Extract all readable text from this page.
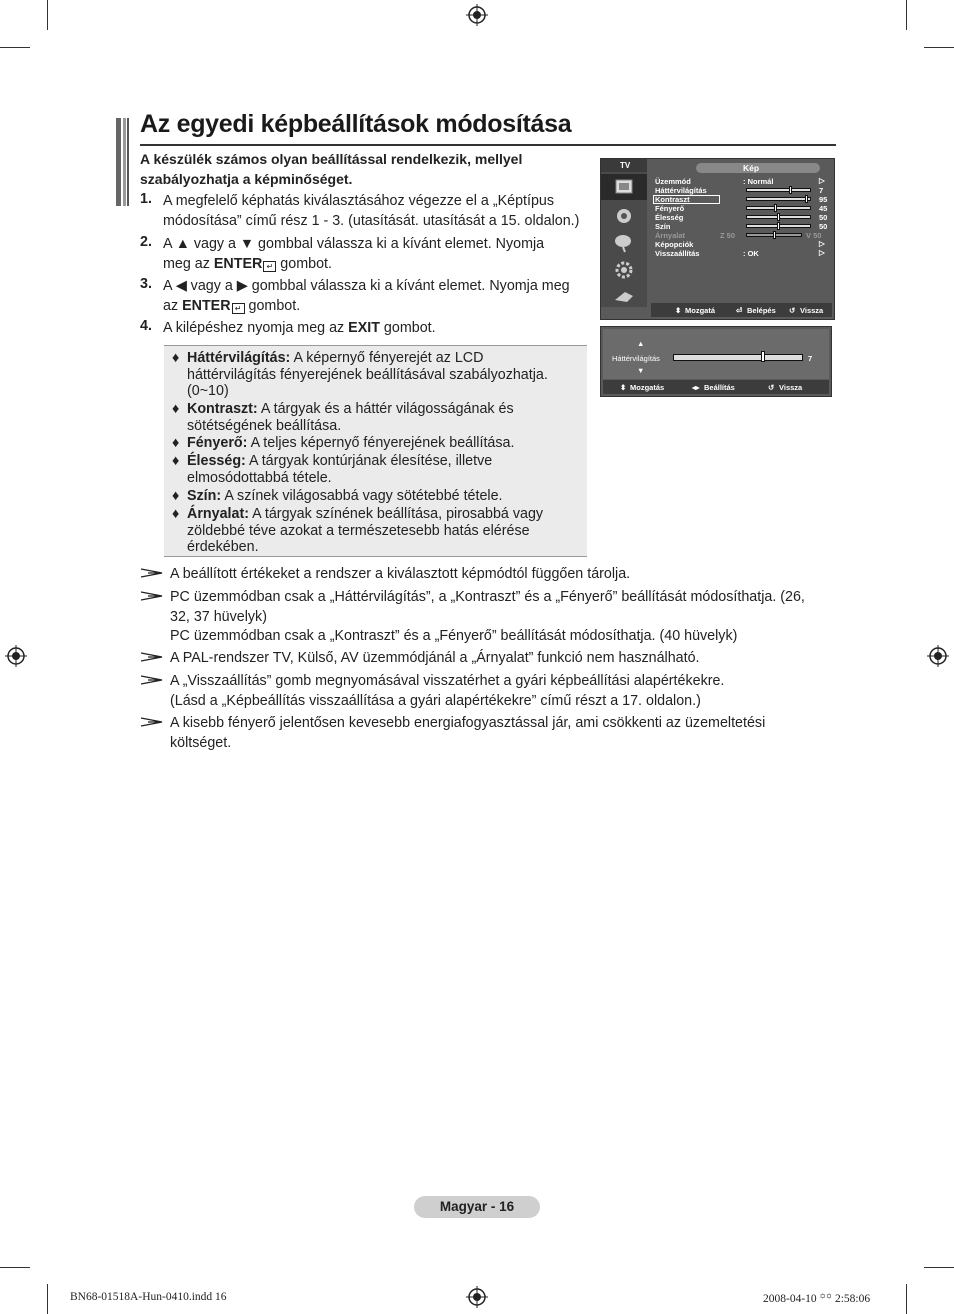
Az egyedi képbeállítások módosítása
A készülék számos olyan beállítással rendelkezik, mellyel szabályozhatja a képminőséget.
1. A megfelelő képhatás kiválasztásához végezze el a „Képtípus módosítása” című rész 1 - 3. (utasítását. utasítását a 15. oldalon.)
2. A ▲ vagy a ▼ gombbal válassza ki a kívánt elemet. Nyomja
meg az ENTER ↵ gombot.
3. A ◀ vagy a ▶ gombbal válassza ki a kívánt elemet. Nyomja meg
az ENTER ↵ gombot.
4. A kilépéshez nyomja meg az EXIT gombot.
♦ Háttérvilágítás: A képernyő fényerejét az LCD háttérvilágítás fényerejének beállításával szabályozhatja. (0~10)
♦ Kontraszt: A tárgyak és a háttér világosságának és sötétségének beállítása.
♦ Fényerő: A teljes képernyő fényerejének beállítása.
♦ Élesség: A tárgyak kontúrjának élesítése, illetve elmosódottabbá tétele.
♦ Szín: A színek világosabbá vagy sötétebbé tétele.
♦ Árnyalat: A tárgyak színének beállítása, pirosabbá vagy zöldebbé téve azokat a természetesebb hatás elérése érdekében.
A beállított értékeket a rendszer a kiválasztott képmódtól függően tárolja.
PC üzemmódban csak a „Háttérvilágítás”, a „Kontraszt” és a „Fényerő” beállítását módosíthatja. (26,
32, 37 hüvelyk)
PC üzemmódban csak a „Kontraszt” és a „Fényerő” beállítását módosíthatja. (40 hüvelyk)
A PAL-rendszer TV, Külső, AV üzemmódjánál a „Árnyalat” funkció nem használható.
A „Visszaállítás” gomb megnyomásával visszatérhet a gyári képbeállítási alapértékekre.
(Lásd a „Képbeállítás visszaállítása a gyári alapértékekre” című részt a 17. oldalon.)
A kisebb fényerő jelentősen kevesebb energiafogyasztással jár, ami csökkenti az üzemeltetési
költséget.
TV	Kép
Üzemmód	: Normál	▷
Háttérvilágítás	7
Kontraszt	95
Fényerő	45
Élesség	50
Szín	50
Árnyalat	Z 50	V 50
Képopciók	▷
Visszaállítás	: OK	▷
⬍ Mozgatá	⏎ Belépés ↺ Vissza
▲
Háttérvilágítás	7
▼
⬍ Mozgatás	◂▸ Beállítás	↺ Vissza
Magyar - 16
BN68-01518A-Hun-0410.indd 16	2008-04-10 ꙳꙳ 2:58:06
